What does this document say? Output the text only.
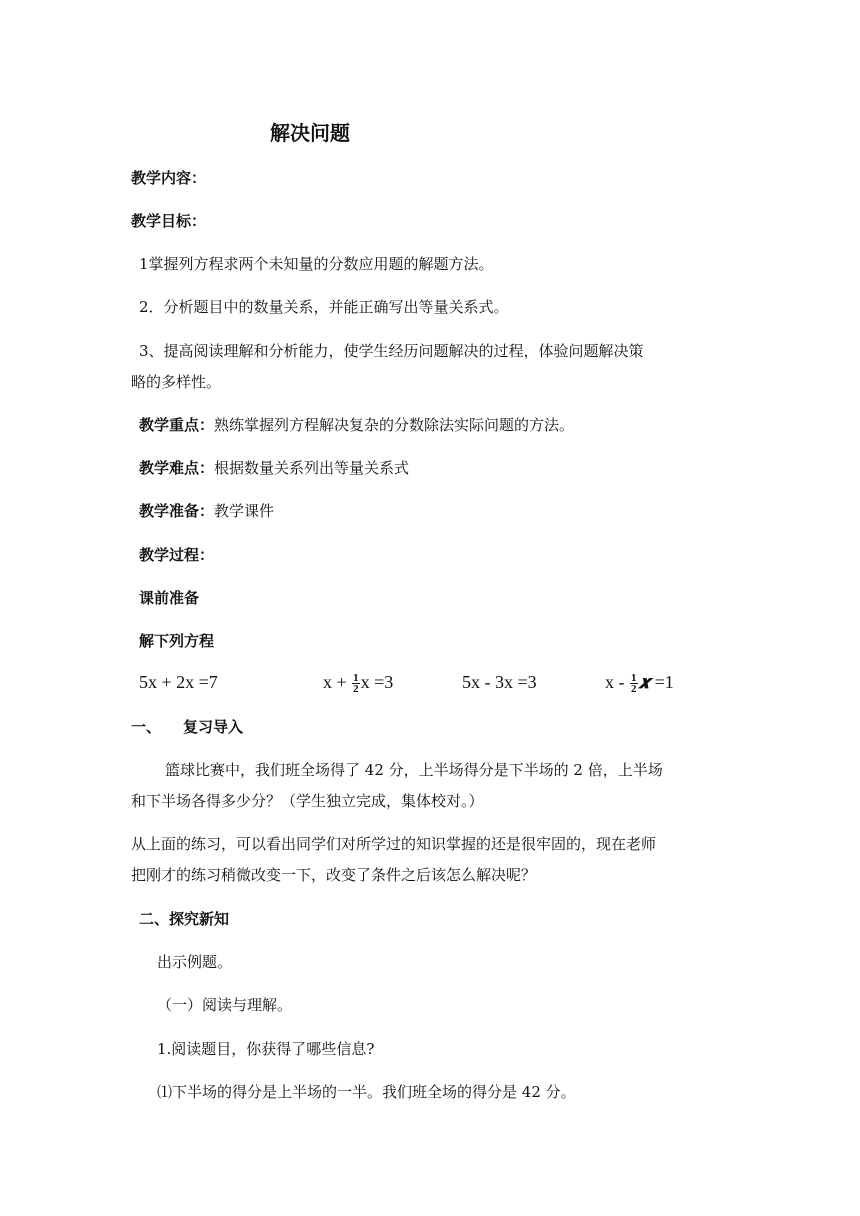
解决问题
教学内容：
教学目标：
1掌握列方程求两个未知量的分数应用题的解题方法。
2．分析题目中的数量关系，并能正确写出等量关系式。
3、提高阅读理解和分析能力，使学生经历问题解决的过程，体验问题解决策
略的多样性。
教学重点：熟练掌握列方程解决复杂的分数除法实际问题的方法。
教学难点：根据数量关系列出等量关系式
教学准备：教学课件
教学过程：
课前准备
解下列方程
5x + 2x =7	$x + \frac{1}{2}$ x =3	5x - 3x =3	x - $\frac{1}{2}$ 𝒙 =1
一、 复习导入
篮球比赛中，我们班全场得了 42 分，上半场得分是下半场的 2 倍，上半场
和下半场各得多少分？（学生独立完成，集体校对。）
从上面的练习，可以看出同学们对所学过的知识掌握的还是很牢固的，现在老师
把刚才的练习稍微改变一下，改变了条件之后该怎么解决呢？
二、探究新知
出示例题。
（一）阅读与理解。
1.阅读题目，你获得了哪些信息?
⑴下半场的得分是上半场的一半。我们班全场的得分是 42 分。
